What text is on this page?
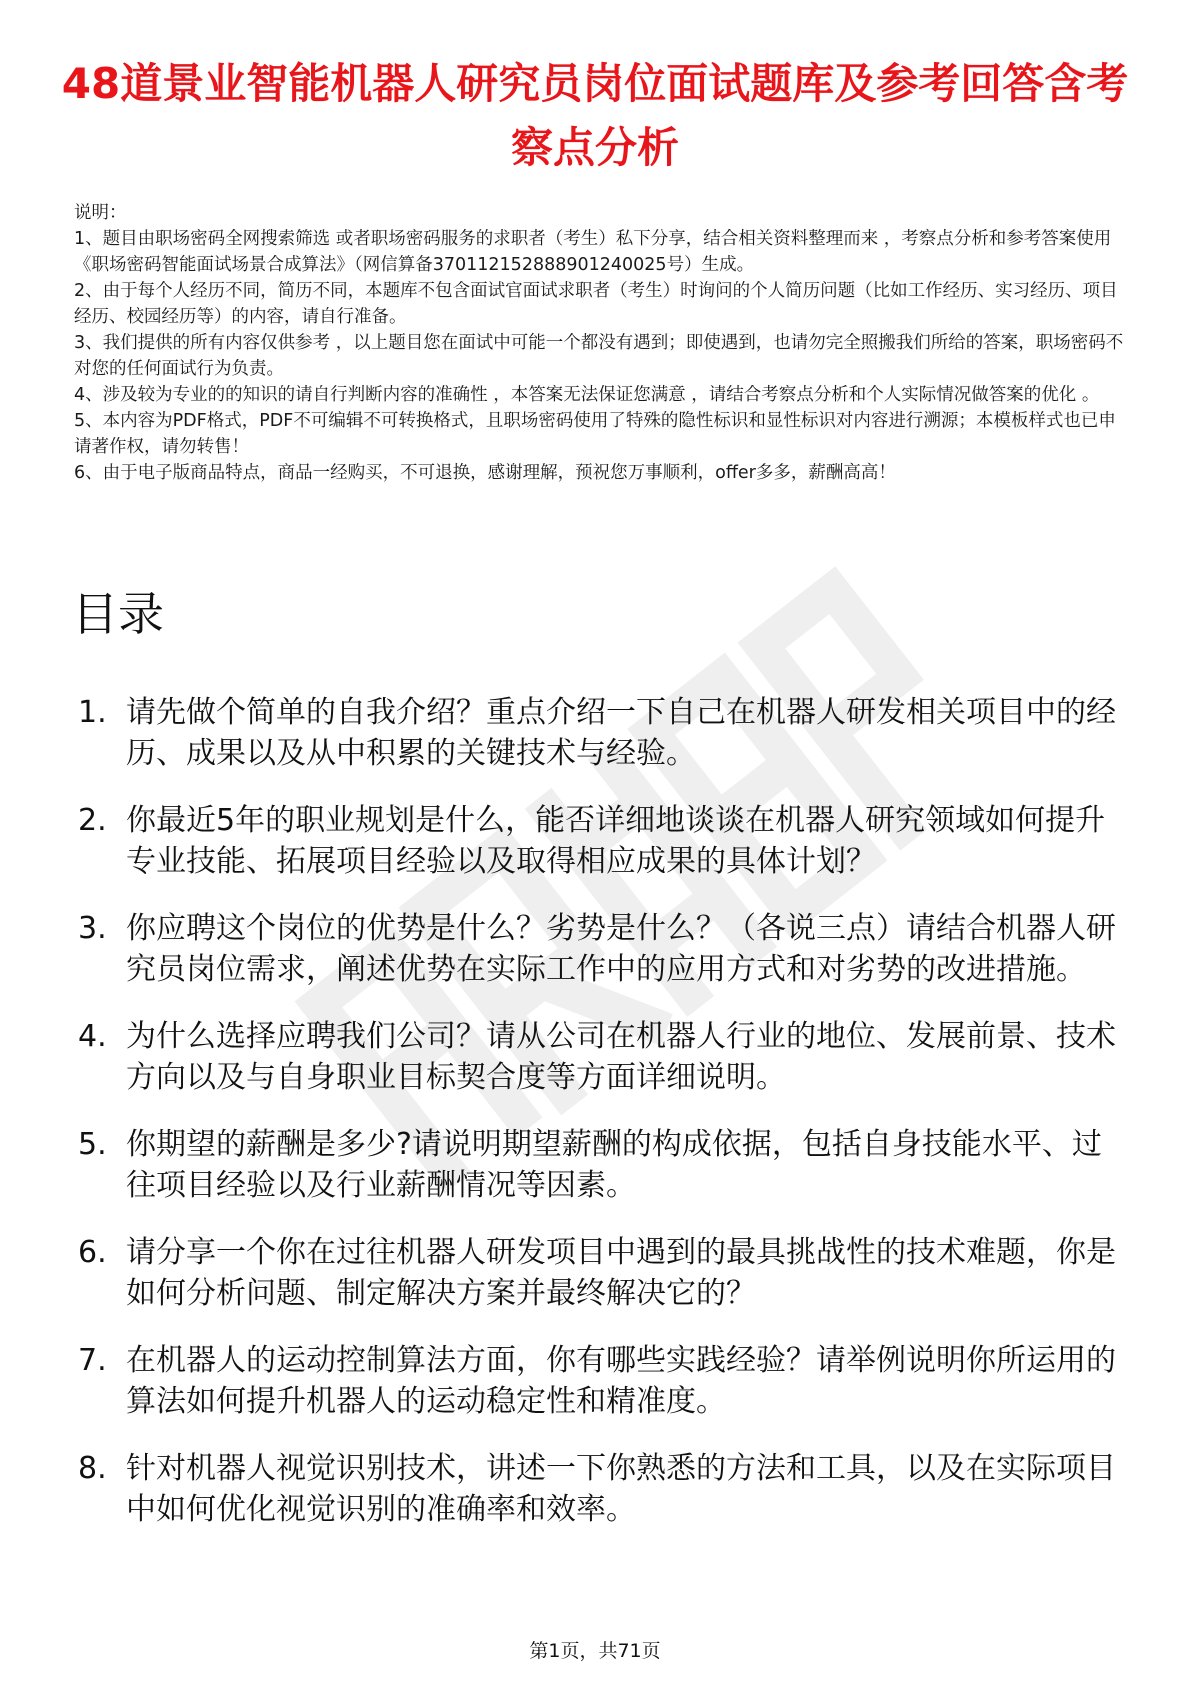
48道景业智能机器人研究员岗位面试题库及参考回答含考察点分析

说明：

1、题目由职场密码全网搜索筛选 或者职场密码服务的求职者（考生）私下分享，结合相关资料整理而来 ，考察点分析和参考答案使用《职场密码智能面试场景合成算法》（网信算备370112152888901240025号）生成。

2、由于每个人经历不同，简历不同，本题库不包含面试官面试求职者（考生）时询问的个人简历问题（比如工作经历、实习经历、项目经历、校园经历等）的内容，请自行准备。

3、我们提供的所有内容仅供参考 ，以上题目您在面试中可能一个都没有遇到；即使遇到，也请勿完全照搬我们所给的答案，职场密码不对您的任何面试行为负责。

4、涉及较为专业的的知识的请自行判断内容的准确性 ，本答案无法保证您满意 ，请结合考察点分析和个人实际情况做答案的优化 。

5、本内容为PDF格式，PDF不可编辑不可转换格式，且职场密码使用了特殊的隐性标识和显性标识对内容进行溯源；本模板样式也已申请著作权，请勿转售！

6、由于电子版商品特点，商品一经购买，不可退换，感谢理解，预祝您万事顺利，offer多多，薪酬高高！

目录
1. 请先做个简单的自我介绍？重点介绍一下自己在机器人研发相关项目中的经历、成果以及从中积累的关键技术与经验。
2. 你最近5年的职业规划是什么，能否详细地谈谈在机器人研究领域如何提升专业技能、拓展项目经验以及取得相应成果的具体计划？
3. 你应聘这个岗位的优势是什么？劣势是什么？（各说三点）请结合机器人研究员岗位需求，阐述优势在实际工作中的应用方式和对劣势的改进措施。
4. 为什么选择应聘我们公司？请从公司在机器人行业的地位、发展前景、技术方向以及与自身职业目标契合度等方面详细说明。
5. 你期望的薪酬是多少?请说明期望薪酬的构成依据，包括自身技能水平、过往项目经验以及行业薪酬情况等因素。
6. 请分享一个你在过往机器人研发项目中遇到的最具挑战性的技术难题，你是如何分析问题、制定解决方案并最终解决它的？
7. 在机器人的运动控制算法方面，你有哪些实践经验？请举例说明你所运用的算法如何提升机器人的运动稳定性和精准度。
8. 针对机器人视觉识别技术，讲述一下你熟悉的方法和工具，以及在实际项目中如何优化视觉识别的准确率和效率。
第1页，共71页
